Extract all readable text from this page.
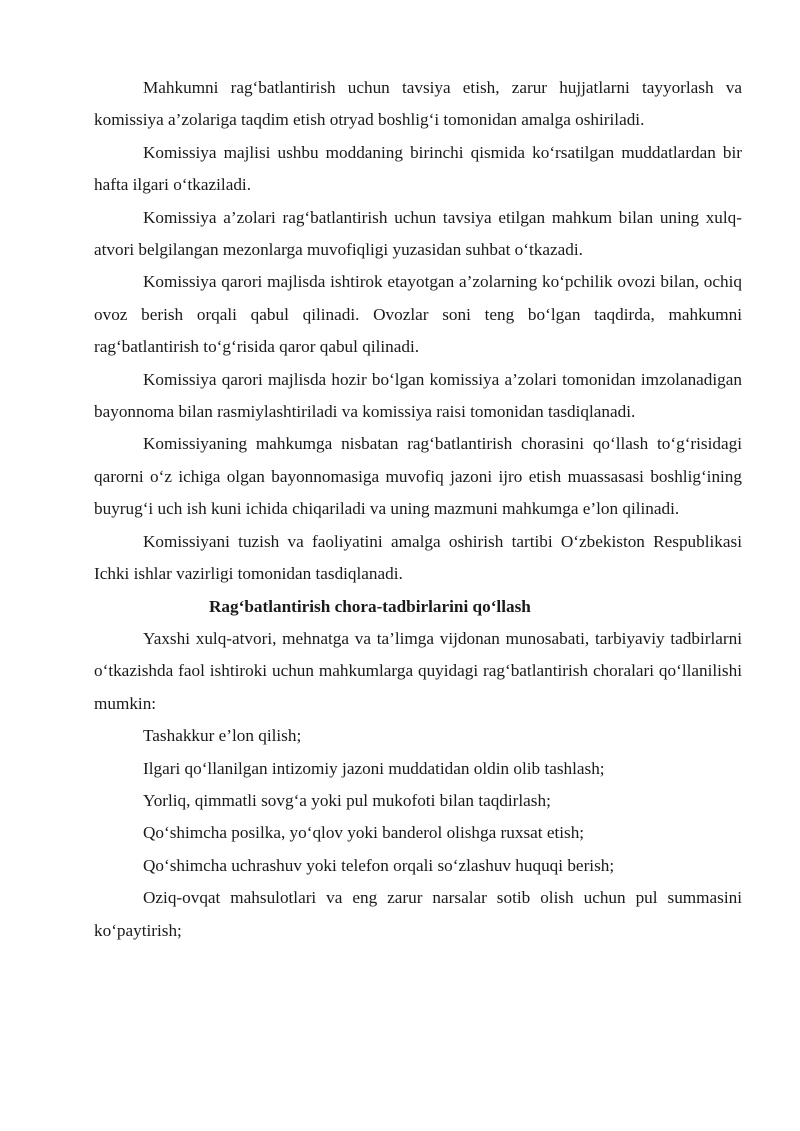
Mahkumni rag‘batlantirish uchun tavsiya etish, zarur hujjatlarni tayyorlash va komissiya a’zolariga taqdim etish otryad boshlig‘i tomonidan amalga oshiriladi.

Komissiya majlisi ushbu moddaning birinchi qismida ko‘rsatilgan muddatlardan bir hafta ilgari o‘tkaziladi.

Komissiya a’zolari rag‘batlantirish uchun tavsiya etilgan mahkum bilan uning xulq-atvori belgilangan mezonlarga muvofiqligi yuzasidan suhbat o‘tkazadi.

Komissiya qarori majlisda ishtirok etayotgan a’zolarning ko‘pchilik ovozi bilan, ochiq ovoz berish orqali qabul qilinadi. Ovozlar soni teng bo‘lgan taqdirda, mahkumni rag‘batlantirish to‘g‘risida qaror qabul qilinadi.

Komissiya qarori majlisda hozir bo‘lgan komissiya a’zolari tomonidan imzolanadigan bayonnoma bilan rasmiylashtiriladi va komissiya raisi tomonidan tasdiqlanadi.

Komissiyaning mahkumga nisbatan rag‘batlantirish chorasini qo‘llash to‘g‘risidagi qarorni o‘z ichiga olgan bayonnomasiga muvofiq jazoni ijro etish muassasasi boshlig‘ining buyrug‘i uch ish kuni ichida chiqariladi va uning mazmuni mahkumga e’lon qilinadi.

Komissiyani tuzish va faoliyatini amalga oshirish tartibi O‘zbekiston Respublikasi Ichki ishlar vazirligi tomonidan tasdiqlanadi.

Rag‘batlantirish chora-tadbirlarini qo‘llash

Yaxshi xulq-atvori, mehnatga va ta’limga vijdonan munosabati, tarbiyaviy tadbirlarni o‘tkazishda faol ishtiroki uchun mahkumlarga quyidagi rag‘batlantirish choralari qo‘llanilishi mumkin:

Tashakkur e’lon qilish;

Ilgari qo‘llanilgan intizomiy jazoni muddatidan oldin olib tashlash;

Yorliq, qimmatli sovg‘a yoki pul mukofoti bilan taqdirlash;

Qo‘shimcha posilka, yo‘qlov yoki banderol olishga ruxsat etish;

Qo‘shimcha uchrashuv yoki telefon orqali so‘zlashuv huquqi berish;

Oziq-ovqat mahsulotlari va eng zarur narsalar sotib olish uchun pul summasini ko‘paytirish;
